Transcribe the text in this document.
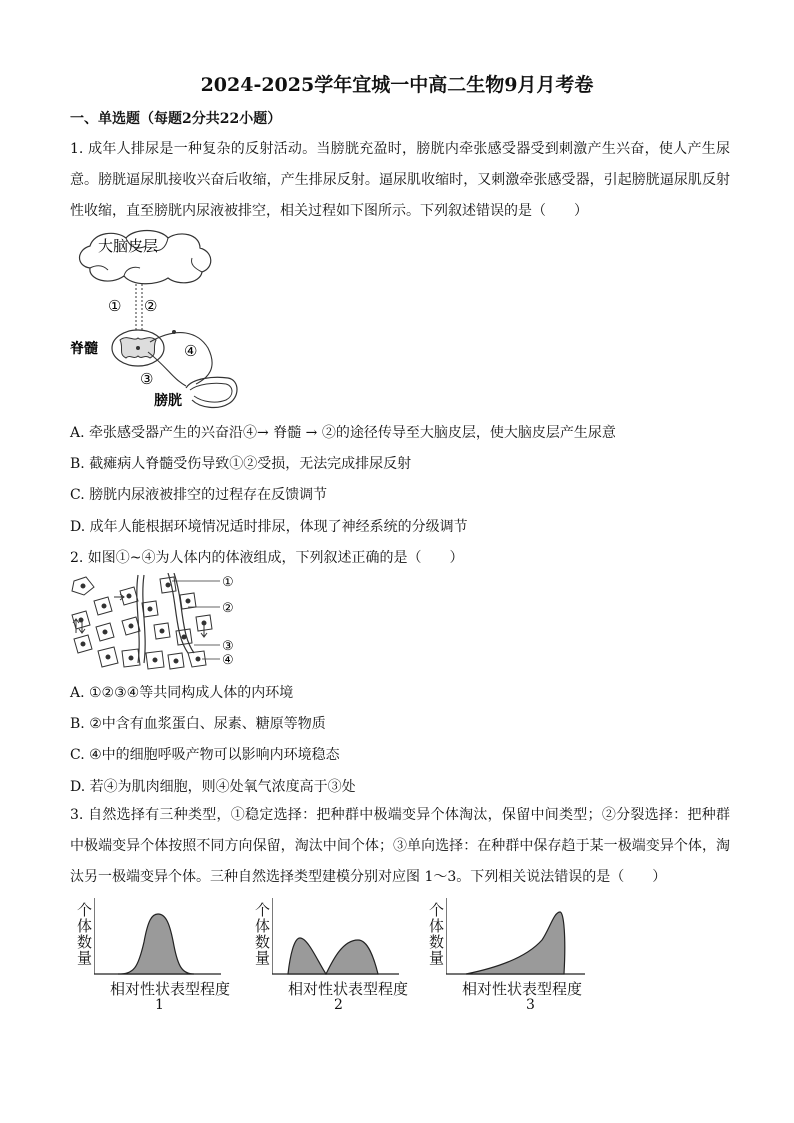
2024-2025学年宜城一中高二生物9月月考卷
一、单选题（每题2分共22小题）
1. 成年人排尿是一种复杂的反射活动。当膀胱充盈时，膀胱内牵张感受器受到刺激产生兴奋，使人产生尿意。膀胱逼尿肌接收兴奋后收缩，产生排尿反射。逼尿肌收缩时，又刺激牵张感受器，引起膀胱逼尿肌反射性收缩，直至膀胱内尿液被排空，相关过程如下图所示。下列叙述错误的是（　　）
大脑皮层
① ②
脊髓	④
③
膀胱
A. 牵张感受器产生的兴奋沿④→ 脊髓 → ②的途径传导至大脑皮层，使大脑皮层产生尿意
B. 截瘫病人脊髓受伤导致①②受损，无法完成排尿反射
C. 膀胱内尿液被排空的过程存在反馈调节
D. 成年人能根据环境情况适时排尿，体现了神经系统的分级调节
2. 如图①~④为人体内的体液组成，下列叙述正确的是（　　）
①
②
③
④
A. ①②③④等共同构成人体的内环境
B. ②中含有血浆蛋白、尿素、糖原等物质
C. ④中的细胞呼吸产物可以影响内环境稳态
D. 若④为肌肉细胞，则④处氧气浓度高于③处
3. 自然选择有三种类型，①稳定选择：把种群中极端变异个体淘汰，保留中间类型；②分裂选择：把种群中极端变异个体按照不同方向保留，淘汰中间个体；③单向选择：在种群中保存趋于某一极端变异个体，淘汰另一极端变异个体。三种自然选择类型建模分别对应图 1～3。下列相关说法错误的是（　　）
个体数量
相对性状表型程度
1
个体数量
相对性状表型程度
2
个体数量
相对性状表型程度
3
